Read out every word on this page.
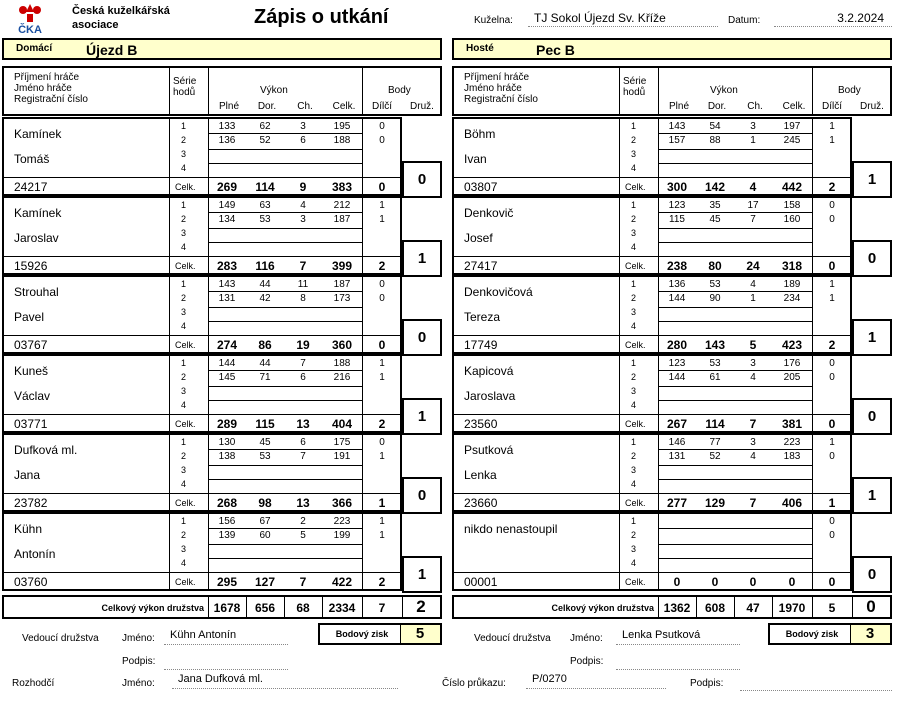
ČKA
Česká kuželkářská
asociace	Zápis o utkání	Kuželna:	TJ Sokol Újezd Sv. Kříže	Datum:	3.2.2024
Domácí Újezd B	Hosté	Pec B
Příjmení hráče
Jméno hráče
Registrační číslo
Série
hodů	Výkon
Plné	Dor.	Ch.	Celk.
Body
Dílčí	Druž.
Kamínek
Tomáš
24217
1	133	62	3	195	0
2	136	52	6	188	0
3
4
Celk.	269	114	9	383	0	0
Kamínek
Jaroslav
15926
1	149	63	4	212	1
2	134	53	3	187	1
3
4
Celk.	283	116	7	399	2	1
Strouhal
Pavel
03767
1	143	44	11	187	0
2	131	42	8	173	0
3
4
Celk.	274	86	19	360	0	0
Kuneš
Václav
03771
1	144	44	7	188	1
2	145	71	6	216	1
3
4
Celk.	289	115	13	404	2	1
Dufková ml.
Jana
23782
1	130	45	6	175	0
2	138	53	7	191	1
3
4
Celk.	268	98	13	366	1	0
Kühn
Antonín
03760
1	156	67	2	223	1
2	139	60	5	199	1
3
4
Celk.	295	127	7	422	2	1
Celkový výkon družstva 1678	656	68	2334	7	2
Bodový zisk	5
Příjmení hráče
Jméno hráče
Registrační číslo
Série
hodů	Výkon
Plné	Dor.	Ch.	Celk.
Body
Dílčí	Druž.
Böhm
Ivan
03807
1	143	54	3	197	1
2	157	88	1	245	1
3
4
Celk.	300	142	4	442	2	1
Denkovič
Josef
27417
1	123	35	17	158	0
2	115	45	7	160	0
3
4
Celk.	238	80	24	318	0	0
Denkovičová
Tereza
17749
1	136	53	4	189	1
2	144	90	1	234	1
3
4
Celk.	280	143	5	423	2	1
Kapicová
Jaroslava
23560
1	123	53	3	176	0
2	144	61	4	205	0
3
4
Celk.	267	114	7	381	0	0
Psutková
Lenka
23660
1	146	77	3	223	1
2	131	52	4	183	0
3
4
Celk.	277	129	7	406	1	1
nikdo nenastoupil
00001
1	0
2	0
3
4
Celk.	0	0	0	0	0	0
Celkový výkon družstva 1362	608	47	1970	5	0
Bodový zisk	3
Vedoucí družstva Jméno:	Kühn Antonín
Podpis:
Vedoucí družstva Jméno:	Lenka Psutková
Podpis:
Rozhodčí	Jméno:	Jana Dufková ml.	Číslo průkazu:	P/0270	Podpis:
